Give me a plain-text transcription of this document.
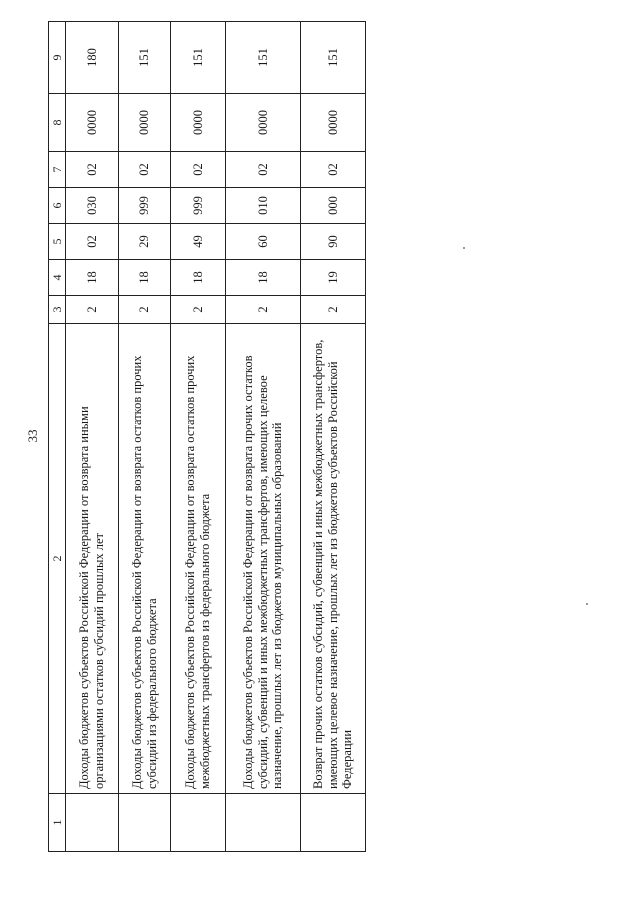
33
1	2	3	4	5	6	7	8	9
	Доходы бюджетов субъектов Российской Федерации от возврата иными организациями остатков субсидий прошлых лет	2	18	02	030	02	0000	180
	Доходы бюджетов субъектов Российской Федерации от возврата остатков прочих субсидий из федерального бюджета	2	18	29	999	02	0000	151
	Доходы бюджетов субъектов Российской Федерации от возврата остатков прочих межбюджетных трансфертов из федерального бюджета	2	18	49	999	02	0000	151
	Доходы бюджетов субъектов Российской Федерации от возврата прочих остатков субсидий, субвенций и иных межбюджетных трансфертов, имеющих целевое назначение, прошлых лет из бюджетов муниципальных образований	2	18	60	010	02	0000	151
	Возврат прочих остатков субсидий, субвенций и иных межбюджетных трансфертов, имеющих целевое назначение, прошлых лет из бюджетов субъектов Российской Федерации	2	19	90	000	02	0000	151
